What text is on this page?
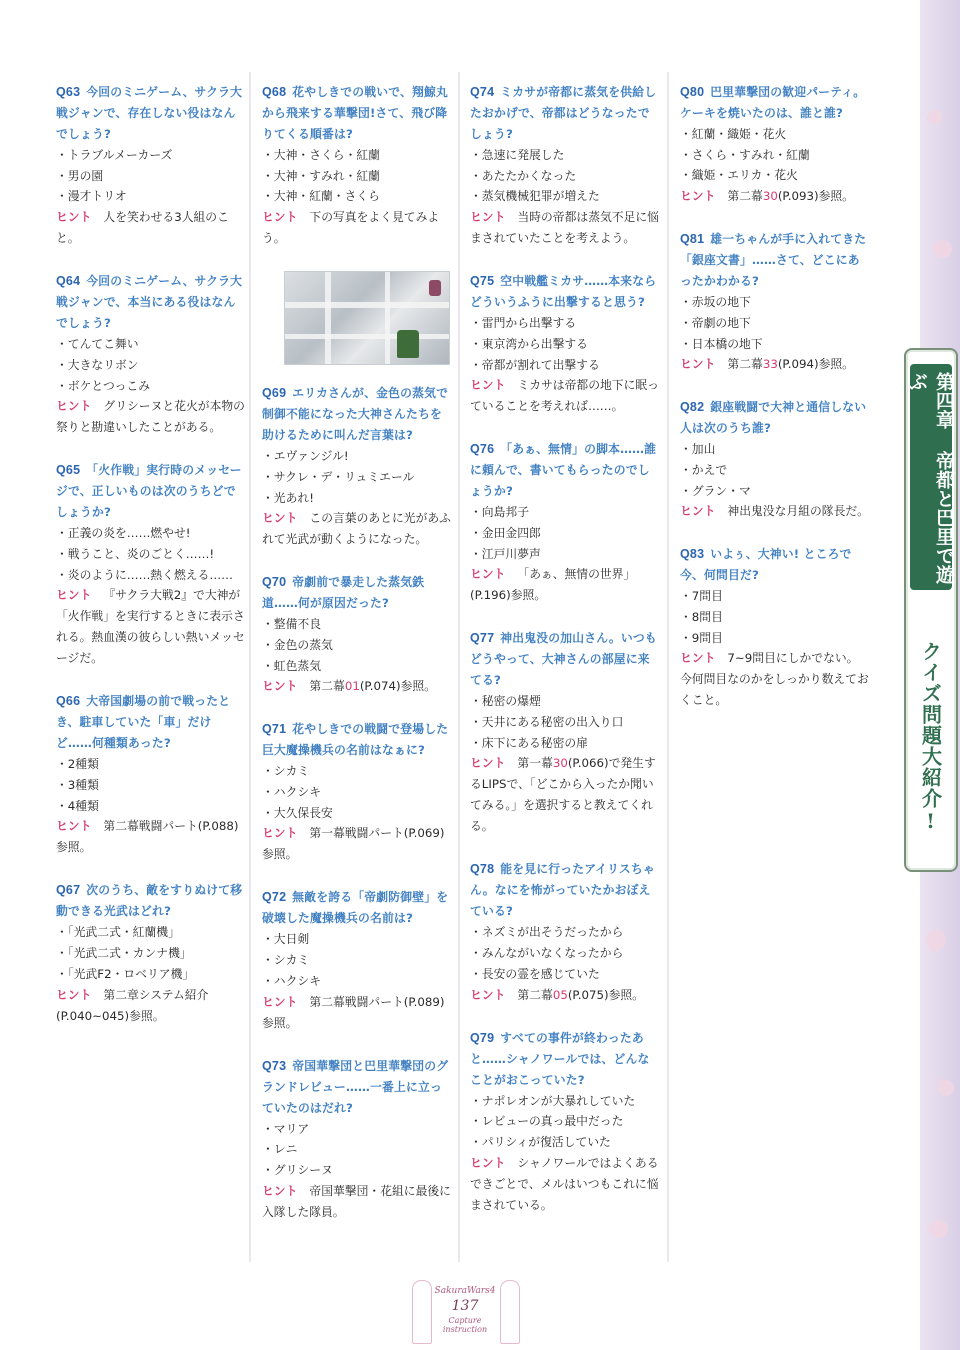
Q63 今回のミニゲーム、サクラ大戦ジャンで、存在しない役はなんでしょう?
・トラブルメーカーズ
・男の園
・漫才トリオ
ヒント 人を笑わせる3人組のこと。
Q64 今回のミニゲーム、サクラ大戦ジャンで、本当にある役はなんでしょう?
・てんてこ舞い
・大きなリボン
・ボケとつっこみ
ヒント グリシーヌと花火が本物の祭りと勘違いしたことがある。
Q65 「火作戦」実行時のメッセージで、正しいものは次のうちどでしょうか?
・正義の炎を……燃やせ!
・戦うこと、炎のごとく……!
・炎のように……熱く燃える……
ヒント 『サクラ大戦2』で大神が「火作戦」を実行するときに表示される。熱血漢の彼らしい熱いメッセージだ。
Q66 大帝国劇場の前で戦ったとき、駐車していた「車」だけど……何種類あった?
・2種類
・3種類
・4種類
ヒント 第二幕戦闘パート(P.088)参照。
Q67 次のうち、敵をすりぬけて移動できる光武はどれ?
・「光武二式・紅蘭機」
・「光武二式・カンナ機」
・「光武F2・ロベリア機」
ヒント 第二章システム紹介(P.040~045)参照。
Q68 花やしきでの戦いで、翔鯨丸から飛来する華撃団!さて、飛び降りてくる順番は?
・大神・さくら・紅蘭
・大神・すみれ・紅蘭
・大神・紅蘭・さくら
ヒント 下の写真をよく見てみよう。
Q69 エリカさんが、金色の蒸気で制御不能になった大神さんたちを助けるために叫んだ言葉は?
・エヴァンジル!
・サクレ・デ・リュミエール
・光あれ!
ヒント この言葉のあとに光があふれて光武が動くようになった。
Q70 帝劇前で暴走した蒸気鉄道……何が原因だった?
・整備不良
・金色の蒸気
・虹色蒸気
ヒント 第二幕01(P.074)参照。
Q71 花やしきでの戦闘で登場した巨大魔操機兵の名前はなぁに?
・シカミ
・ハクシキ
・大久保長安
ヒント 第一幕戦闘パート(P.069)参照。
Q72 無敵を誇る「帝劇防御壁」を破壊した魔操機兵の名前は?
・大日剣
・シカミ
・ハクシキ
ヒント 第二幕戦闘パート(P.089)参照。
Q73 帝国華撃団と巴里華撃団のグランドレビュー……一番上に立っていたのはだれ?
・マリア
・レニ
・グリシーヌ
ヒント 帝国華撃団・花組に最後に入隊した隊員。
Q74 ミカサが帝都に蒸気を供給したおかげで、帝都はどうなったでしょう?
・急速に発展した
・あたたかくなった
・蒸気機械犯罪が増えた
ヒント 当時の帝都は蒸気不足に悩まされていたことを考えよう。
Q75 空中戦艦ミカサ……本来ならどういうふうに出撃すると思う?
・雷門から出撃する
・東京湾から出撃する
・帝都が割れて出撃する
ヒント ミカサは帝都の地下に眠っていることを考えれば……。
Q76 「あぁ、無情」の脚本……誰に頼んで、書いてもらったのでしょうか?
・向島邦子
・金田金四郎
・江戸川夢声
ヒント 「あぁ、無情の世界」(P.196)参照。
Q77 神出鬼没の加山さん。いつもどうやって、大神さんの部屋に来てる?
・秘密の爆煙
・天井にある秘密の出入り口
・床下にある秘密の扉
ヒント 第一幕30(P.066)で発生するLIPSで、「どこから入ったか聞いてみる。」を選択すると教えてくれる。
Q78 能を見に行ったアイリスちゃん。なにを怖がっていたかおぼえている?
・ネズミが出そうだったから
・みんながいなくなったから
・長安の霊を感じていた
ヒント 第二幕05(P.075)参照。
Q79 すべての事件が終わったあと……シャノワールでは、どんなことがおこっていた?
・ナポレオンが大暴れしていた
・レビューの真っ最中だった
・パリシィが復活していた
ヒント シャノワールではよくあるできごとで、メルはいつもこれに悩まされている。
Q80 巴里華撃団の歓迎パーティ。ケーキを焼いたのは、誰と誰?
・紅蘭・織姫・花火
・さくら・すみれ・紅蘭
・織姫・エリカ・花火
ヒント 第二幕30(P.093)参照。
Q81 雄一ちゃんが手に入れてきた「銀座文書」……さて、どこにあったかわかる?
・赤坂の地下
・帝劇の地下
・日本橋の地下
ヒント 第二幕33(P.094)参照。
Q82 銀座戦闘で大神と通信しない人は次のうち誰?
・加山
・かえで
・グラン・マ
ヒント 神出鬼没な月組の隊長だ。
Q83 いよぅ、大神い! ところで今、何問目だ?
・7問目
・8問目
・9問目
ヒント 7~9問目にしかでない。今何問目なのかをしっかり数えておくこと。
第四章 帝都と巴里で遊ぶ
クイズ問題大紹介!
SakuraWars4
137
Capture instruction
